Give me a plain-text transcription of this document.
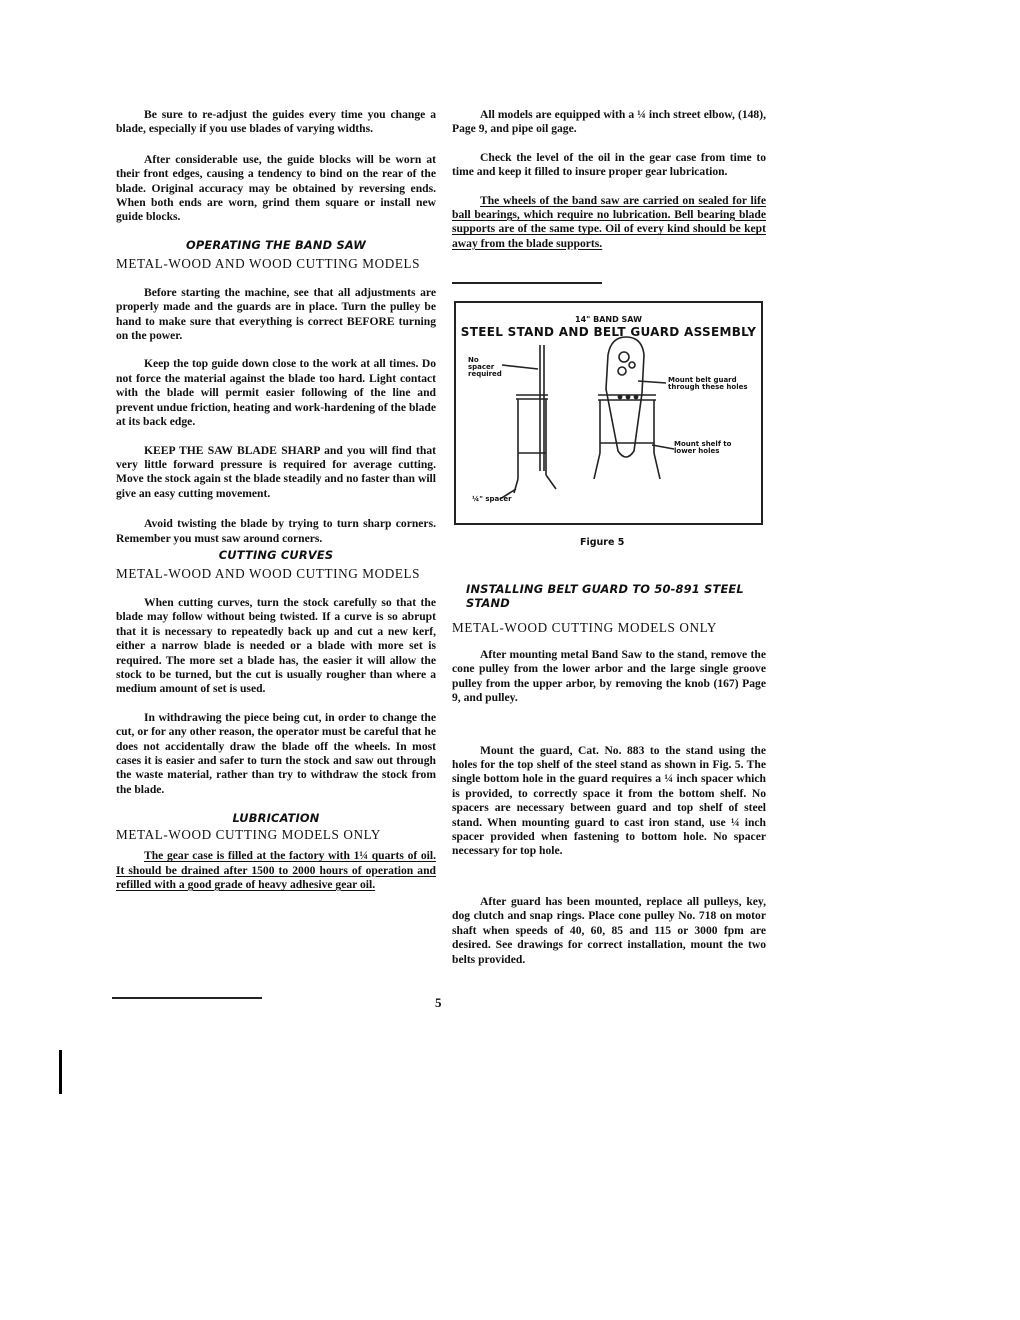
Be sure to re-adjust the guides every time you change a blade, especially if you use blades of varying widths.

After considerable use, the guide blocks will be worn at their front edges, causing a tendency to bind on the rear of the blade. Original accuracy may be obtained by reversing ends. When both ends are worn, grind them square or install new guide blocks.

OPERATING THE BAND SAW
METAL-WOOD AND WOOD CUTTING MODELS

Before starting the machine, see that all adjustments are properly made and the guards are in place. Turn the pulley be hand to make sure that everything is correct BEFORE turning on the power.

Keep the top guide down close to the work at all times. Do not force the material against the blade too hard. Light contact with the blade will permit easier following of the line and prevent undue friction, heating and work-hardening of the blade at its back edge.

KEEP THE SAW BLADE SHARP and you will find that very little forward pressure is required for average cutting. Move the stock again st the blade steadily and no faster than will give an easy cutting movement.

Avoid twisting the blade by trying to turn sharp corners. Remember you must saw around corners.

CUTTING CURVES
METAL-WOOD AND WOOD CUTTING MODELS

When cutting curves, turn the stock carefully so that the blade may follow without being twisted. If a curve is so abrupt that it is necessary to repeatedly back up and cut a new kerf, either a narrow blade is needed or a blade with more set is required. The more set a blade has, the easier it will allow the stock to be turned, but the cut is usually rougher than where a medium amount of set is used.

In withdrawing the piece being cut, in order to change the cut, or for any other reason, the operator must be careful that he does not accidentally draw the blade off the wheels. In most cases it is easier and safer to turn the stock and saw out through the waste material, rather than try to withdraw the stock from the blade.

LUBRICATION
METAL-WOOD CUTTING MODELS ONLY

The gear case is filled at the factory with 1¼ quarts of oil. It should be drained after 1500 to 2000 hours of operation and refilled with a good grade of heavy adhesive gear oil.

All models are equipped with a ¼ inch street elbow, (148), Page 9, and pipe oil gage.

Check the level of the oil in the gear case from time to time and keep it filled to insure proper gear lubrication.

The wheels of the band saw are carried on sealed for life ball bearings, which require no lubrication. Bell bearing blade supports are of the same type. Oil of every kind should be kept away from the blade supports.

14" BAND SAW
STEEL STAND AND BELT GUARD ASSEMBLY
No spacer required
Mount belt guard through these holes
Mount shelf to lower holes
¼" spacer
Figure 5
INSTALLING BELT GUARD TO 50-891 STEEL STAND
METAL-WOOD CUTTING MODELS ONLY

After mounting metal Band Saw to the stand, remove the cone pulley from the lower arbor and the large single groove pulley from the upper arbor, by removing the knob (167) Page 9, and pulley.

Mount the guard, Cat. No. 883 to the stand using the holes for the top shelf of the steel stand as shown in Fig. 5. The single bottom hole in the guard requires a ¼ inch spacer which is provided, to correctly space it from the bottom shelf. No spacers are necessary between guard and top shelf of steel stand. When mounting guard to cast iron stand, use ¼ inch spacer provided when fastening to bottom hole. No spacer necessary for top hole.

After guard has been mounted, replace all pulleys, key, dog clutch and snap rings. Place cone pulley No. 718 on motor shaft when speeds of 40, 60, 85 and 115 or 3000 fpm are desired. See drawings for correct installation, mount the two belts provided.

5
